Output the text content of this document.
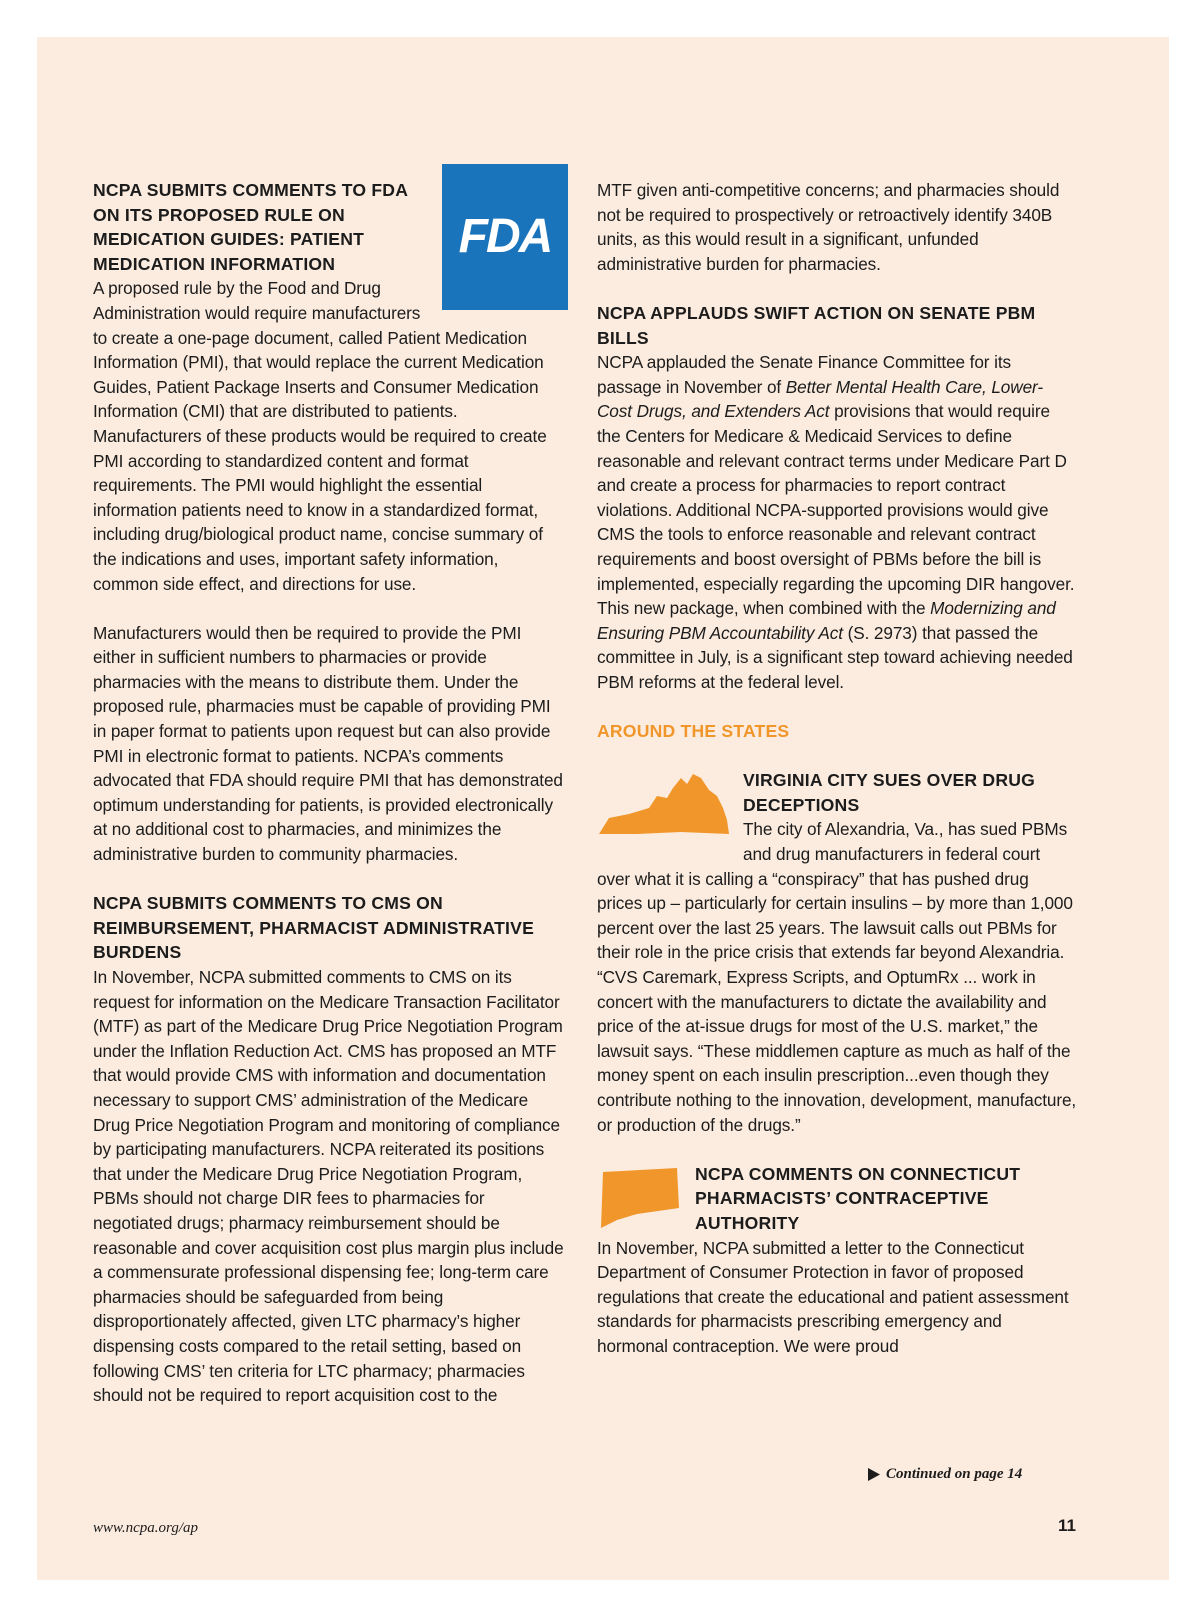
FDA
NCPA SUBMITS COMMENTS TO FDA ON ITS PROPOSED RULE ON MEDICATION GUIDES: PATIENT MEDICATION INFORMATION

A proposed rule by the Food and Drug Administration would require manufacturers to create a one-page document, called Patient Medication Information (PMI), that would replace the current Medication Guides, Patient Package Inserts and Consumer Medication Information (CMI) that are distributed to patients. Manufacturers of these products would be required to create PMI according to standardized content and format requirements. The PMI would highlight the essential information patients need to know in a standardized format, including drug/biological product name, concise summary of the indications and uses, important safety information, common side effect, and directions for use.

Manufacturers would then be required to provide the PMI either in sufficient numbers to pharmacies or provide pharmacies with the means to distribute them. Under the proposed rule, pharmacies must be capable of providing PMI in paper format to patients upon request but can also provide PMI in electronic format to patients. NCPA’s comments advocated that FDA should require PMI that has demonstrated optimum understanding for patients, is provided electronically at no additional cost to pharmacies, and minimizes the administrative burden to community pharmacies.

NCPA SUBMITS COMMENTS TO CMS ON REIMBURSEMENT, PHARMACIST ADMINISTRATIVE BURDENS

In November, NCPA submitted comments to CMS on its request for information on the Medicare Transaction Facilitator (MTF) as part of the Medicare Drug Price Negotiation Program under the Inflation Reduction Act. CMS has proposed an MTF that would provide CMS with information and documentation necessary to support CMS’ administration of the Medicare Drug Price Negotiation Program and monitoring of compliance by participating manufacturers. NCPA reiterated its positions that under the Medicare Drug Price Negotiation Program, PBMs should not charge DIR fees to pharmacies for negotiated drugs; pharmacy reimbursement should be reasonable and cover acquisition cost plus margin plus include a commensurate professional dispensing fee; long-term care pharmacies should be safeguarded from being disproportionately affected, given LTC pharmacy’s higher dispensing costs compared to the retail setting, based on following CMS’ ten criteria for LTC pharmacy; pharmacies should not be required to report acquisition cost to the

MTF given anti-competitive concerns; and pharmacies should not be required to prospectively or retroactively identify 340B units, as this would result in a significant, unfunded administrative burden for pharmacies.

NCPA APPLAUDS SWIFT ACTION ON SENATE PBM BILLS

NCPA applauded the Senate Finance Committee for its passage in November of Better Mental Health Care, Lower-Cost Drugs, and Extenders Act provisions that would require the Centers for Medicare & Medicaid Services to define reasonable and relevant contract terms under Medicare Part D and create a process for pharmacies to report contract violations. Additional NCPA-supported provisions would give CMS the tools to enforce reasonable and relevant contract requirements and boost oversight of PBMs before the bill is implemented, especially regarding the upcoming DIR hangover. This new package, when combined with the Modernizing and Ensuring PBM Accountability Act (S. 2973) that passed the committee in July, is a significant step toward achieving needed PBM reforms at the federal level.

AROUND THE STATES
VIRGINIA CITY SUES OVER DRUG DECEPTIONS

The city of Alexandria, Va., has sued PBMs and drug manufacturers in federal court over what it is calling a “conspiracy” that has pushed drug prices up – particularly for certain insulins – by more than 1,000 percent over the last 25 years. The lawsuit calls out PBMs for their role in the price crisis that extends far beyond Alexandria. “CVS Caremark, Express Scripts, and OptumRx ... work in concert with the manufacturers to dictate the availability and price of the at-issue drugs for most of the U.S. market,” the lawsuit says. “These middlemen capture as much as half of the money spent on each insulin prescription...even though they contribute nothing to the innovation, development, manufacture, or production of the drugs.”

NCPA COMMENTS ON CONNECTICUT PHARMACISTS’ CONTRACEPTIVE AUTHORITY

In November, NCPA submitted a letter to the Connecticut Department of Consumer Protection in favor of proposed regulations that create the educational and patient assessment standards for pharmacists prescribing emergency and hormonal contraception. We were proud

Continued on page 14
www.ncpa.org/ap	11
